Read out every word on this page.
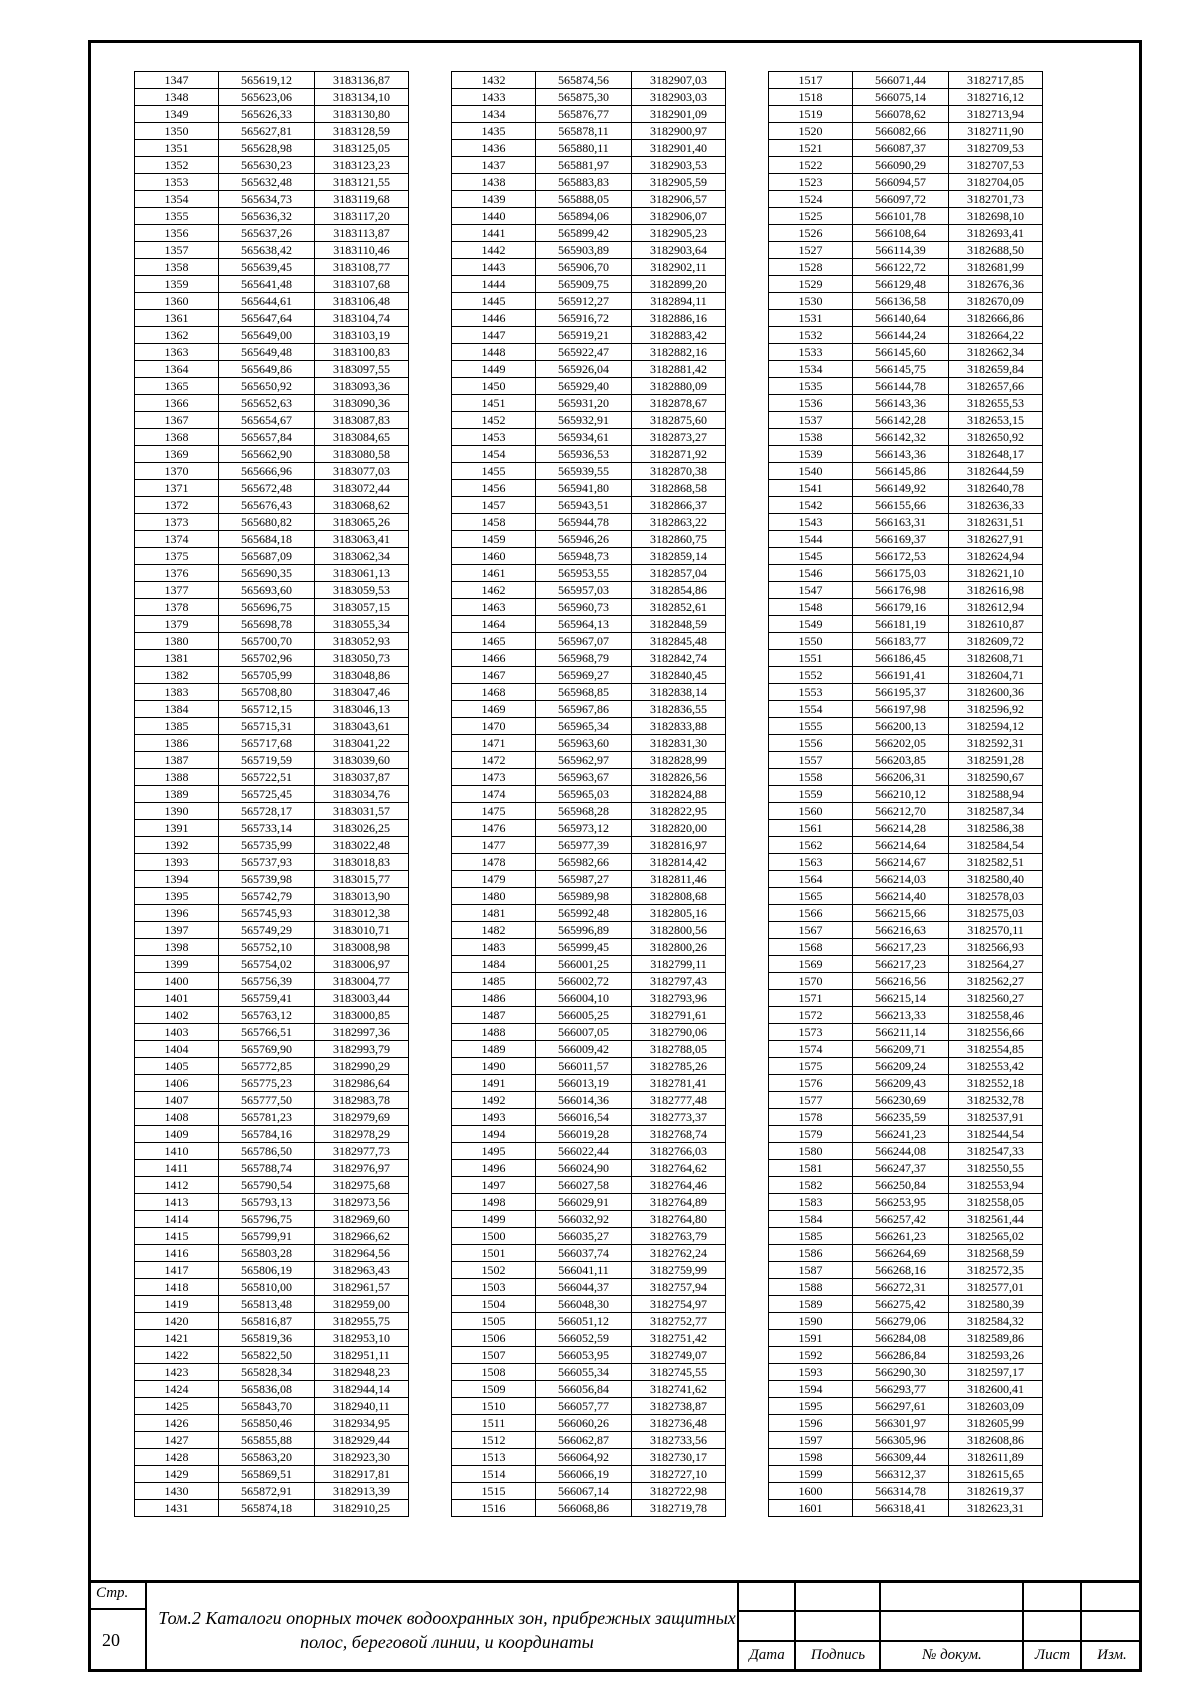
1347	565619,12	3183136,87
1348	565623,06	3183134,10
1349	565626,33	3183130,80
1350	565627,81	3183128,59
1351	565628,98	3183125,05
1352	565630,23	3183123,23
1353	565632,48	3183121,55
1354	565634,73	3183119,68
1355	565636,32	3183117,20
1356	565637,26	3183113,87
1357	565638,42	3183110,46
1358	565639,45	3183108,77
1359	565641,48	3183107,68
1360	565644,61	3183106,48
1361	565647,64	3183104,74
1362	565649,00	3183103,19
1363	565649,48	3183100,83
1364	565649,86	3183097,55
1365	565650,92	3183093,36
1366	565652,63	3183090,36
1367	565654,67	3183087,83
1368	565657,84	3183084,65
1369	565662,90	3183080,58
1370	565666,96	3183077,03
1371	565672,48	3183072,44
1372	565676,43	3183068,62
1373	565680,82	3183065,26
1374	565684,18	3183063,41
1375	565687,09	3183062,34
1376	565690,35	3183061,13
1377	565693,60	3183059,53
1378	565696,75	3183057,15
1379	565698,78	3183055,34
1380	565700,70	3183052,93
1381	565702,96	3183050,73
1382	565705,99	3183048,86
1383	565708,80	3183047,46
1384	565712,15	3183046,13
1385	565715,31	3183043,61
1386	565717,68	3183041,22
1387	565719,59	3183039,60
1388	565722,51	3183037,87
1389	565725,45	3183034,76
1390	565728,17	3183031,57
1391	565733,14	3183026,25
1392	565735,99	3183022,48
1393	565737,93	3183018,83
1394	565739,98	3183015,77
1395	565742,79	3183013,90
1396	565745,93	3183012,38
1397	565749,29	3183010,71
1398	565752,10	3183008,98
1399	565754,02	3183006,97
1400	565756,39	3183004,77
1401	565759,41	3183003,44
1402	565763,12	3183000,85
1403	565766,51	3182997,36
1404	565769,90	3182993,79
1405	565772,85	3182990,29
1406	565775,23	3182986,64
1407	565777,50	3182983,78
1408	565781,23	3182979,69
1409	565784,16	3182978,29
1410	565786,50	3182977,73
1411	565788,74	3182976,97
1412	565790,54	3182975,68
1413	565793,13	3182973,56
1414	565796,75	3182969,60
1415	565799,91	3182966,62
1416	565803,28	3182964,56
1417	565806,19	3182963,43
1418	565810,00	3182961,57
1419	565813,48	3182959,00
1420	565816,87	3182955,75
1421	565819,36	3182953,10
1422	565822,50	3182951,11
1423	565828,34	3182948,23
1424	565836,08	3182944,14
1425	565843,70	3182940,11
1426	565850,46	3182934,95
1427	565855,88	3182929,44
1428	565863,20	3182923,30
1429	565869,51	3182917,81
1430	565872,91	3182913,39
1431	565874,18	3182910,25
1432	565874,56	3182907,03
1433	565875,30	3182903,03
1434	565876,77	3182901,09
1435	565878,11	3182900,97
1436	565880,11	3182901,40
1437	565881,97	3182903,53
1438	565883,83	3182905,59
1439	565888,05	3182906,57
1440	565894,06	3182906,07
1441	565899,42	3182905,23
1442	565903,89	3182903,64
1443	565906,70	3182902,11
1444	565909,75	3182899,20
1445	565912,27	3182894,11
1446	565916,72	3182886,16
1447	565919,21	3182883,42
1448	565922,47	3182882,16
1449	565926,04	3182881,42
1450	565929,40	3182880,09
1451	565931,20	3182878,67
1452	565932,91	3182875,60
1453	565934,61	3182873,27
1454	565936,53	3182871,92
1455	565939,55	3182870,38
1456	565941,80	3182868,58
1457	565943,51	3182866,37
1458	565944,78	3182863,22
1459	565946,26	3182860,75
1460	565948,73	3182859,14
1461	565953,55	3182857,04
1462	565957,03	3182854,86
1463	565960,73	3182852,61
1464	565964,13	3182848,59
1465	565967,07	3182845,48
1466	565968,79	3182842,74
1467	565969,27	3182840,45
1468	565968,85	3182838,14
1469	565967,86	3182836,55
1470	565965,34	3182833,88
1471	565963,60	3182831,30
1472	565962,97	3182828,99
1473	565963,67	3182826,56
1474	565965,03	3182824,88
1475	565968,28	3182822,95
1476	565973,12	3182820,00
1477	565977,39	3182816,97
1478	565982,66	3182814,42
1479	565987,27	3182811,46
1480	565989,98	3182808,68
1481	565992,48	3182805,16
1482	565996,89	3182800,56
1483	565999,45	3182800,26
1484	566001,25	3182799,11
1485	566002,72	3182797,43
1486	566004,10	3182793,96
1487	566005,25	3182791,61
1488	566007,05	3182790,06
1489	566009,42	3182788,05
1490	566011,57	3182785,26
1491	566013,19	3182781,41
1492	566014,36	3182777,48
1493	566016,54	3182773,37
1494	566019,28	3182768,74
1495	566022,44	3182766,03
1496	566024,90	3182764,62
1497	566027,58	3182764,46
1498	566029,91	3182764,89
1499	566032,92	3182764,80
1500	566035,27	3182763,79
1501	566037,74	3182762,24
1502	566041,11	3182759,99
1503	566044,37	3182757,94
1504	566048,30	3182754,97
1505	566051,12	3182752,77
1506	566052,59	3182751,42
1507	566053,95	3182749,07
1508	566055,34	3182745,55
1509	566056,84	3182741,62
1510	566057,77	3182738,87
1511	566060,26	3182736,48
1512	566062,87	3182733,56
1513	566064,92	3182730,17
1514	566066,19	3182727,10
1515	566067,14	3182722,98
1516	566068,86	3182719,78
1517	566071,44	3182717,85
1518	566075,14	3182716,12
1519	566078,62	3182713,94
1520	566082,66	3182711,90
1521	566087,37	3182709,53
1522	566090,29	3182707,53
1523	566094,57	3182704,05
1524	566097,72	3182701,73
1525	566101,78	3182698,10
1526	566108,64	3182693,41
1527	566114,39	3182688,50
1528	566122,72	3182681,99
1529	566129,48	3182676,36
1530	566136,58	3182670,09
1531	566140,64	3182666,86
1532	566144,24	3182664,22
1533	566145,60	3182662,34
1534	566145,75	3182659,84
1535	566144,78	3182657,66
1536	566143,36	3182655,53
1537	566142,28	3182653,15
1538	566142,32	3182650,92
1539	566143,36	3182648,17
1540	566145,86	3182644,59
1541	566149,92	3182640,78
1542	566155,66	3182636,33
1543	566163,31	3182631,51
1544	566169,37	3182627,91
1545	566172,53	3182624,94
1546	566175,03	3182621,10
1547	566176,98	3182616,98
1548	566179,16	3182612,94
1549	566181,19	3182610,87
1550	566183,77	3182609,72
1551	566186,45	3182608,71
1552	566191,41	3182604,71
1553	566195,37	3182600,36
1554	566197,98	3182596,92
1555	566200,13	3182594,12
1556	566202,05	3182592,31
1557	566203,85	3182591,28
1558	566206,31	3182590,67
1559	566210,12	3182588,94
1560	566212,70	3182587,34
1561	566214,28	3182586,38
1562	566214,64	3182584,54
1563	566214,67	3182582,51
1564	566214,03	3182580,40
1565	566214,40	3182578,03
1566	566215,66	3182575,03
1567	566216,63	3182570,11
1568	566217,23	3182566,93
1569	566217,23	3182564,27
1570	566216,56	3182562,27
1571	566215,14	3182560,27
1572	566213,33	3182558,46
1573	566211,14	3182556,66
1574	566209,71	3182554,85
1575	566209,24	3182553,42
1576	566209,43	3182552,18
1577	566230,69	3182532,78
1578	566235,59	3182537,91
1579	566241,23	3182544,54
1580	566244,08	3182547,33
1581	566247,37	3182550,55
1582	566250,84	3182553,94
1583	566253,95	3182558,05
1584	566257,42	3182561,44
1585	566261,23	3182565,02
1586	566264,69	3182568,59
1587	566268,16	3182572,35
1588	566272,31	3182577,01
1589	566275,42	3182580,39
1590	566279,06	3182584,32
1591	566284,08	3182589,86
1592	566286,84	3182593,26
1593	566290,30	3182597,17
1594	566293,77	3182600,41
1595	566297,61	3182603,09
1596	566301,97	3182605,99
1597	566305,96	3182608,86
1598	566309,44	3182611,89
1599	566312,37	3182615,65
1600	566314,78	3182619,37
1601	566318,41	3182623,31
Стр.
20
Дата	Подпись	№ докум.	Лист	Изм.
Том.2 Каталоги опорных точек водоохранных зон, прибрежных защитных полос, береговой линии, и координаты
